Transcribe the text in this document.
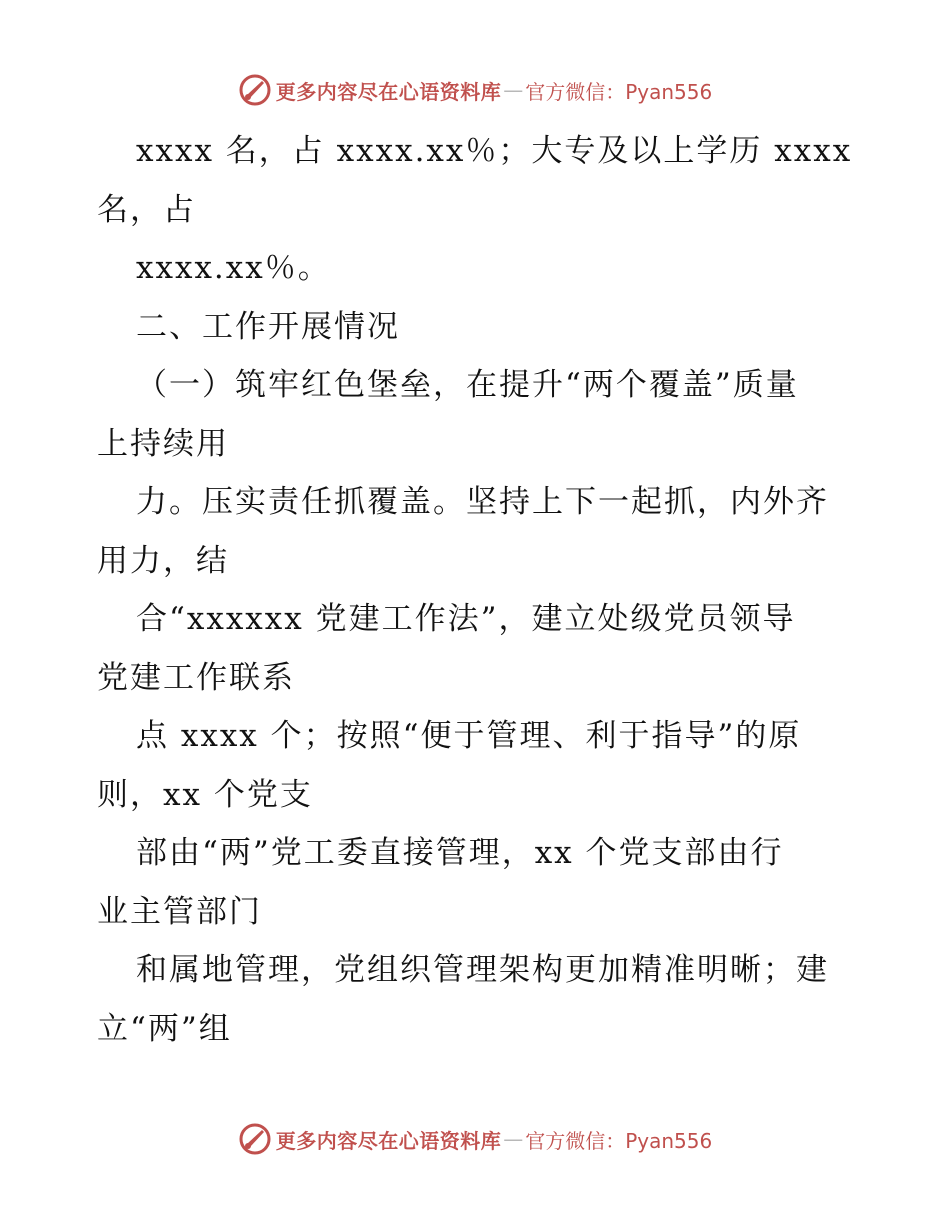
更多内容尽在心语资料库 — 官方微信：Pyan556
xxxx 名，占 xxxx.xx％；大专及以上学历 xxxx
名，占
xxxx.xx％。
二、工作开展情况
（一）筑牢红色堡垒，在提升“两个覆盖”质量
上持续用
力。压实责任抓覆盖。坚持上下一起抓，内外齐
用力，结
合“xxxxxx 党建工作法”，建立处级党员领导
党建工作联系
点 xxxx 个；按照“便于管理、利于指导”的原
则，xx 个党支
部由“两”党工委直接管理，xx 个党支部由行
业主管部门
和属地管理，党组织管理架构更加精准明晰；建
立“两”组
更多内容尽在心语资料库 — 官方微信：Pyan556
